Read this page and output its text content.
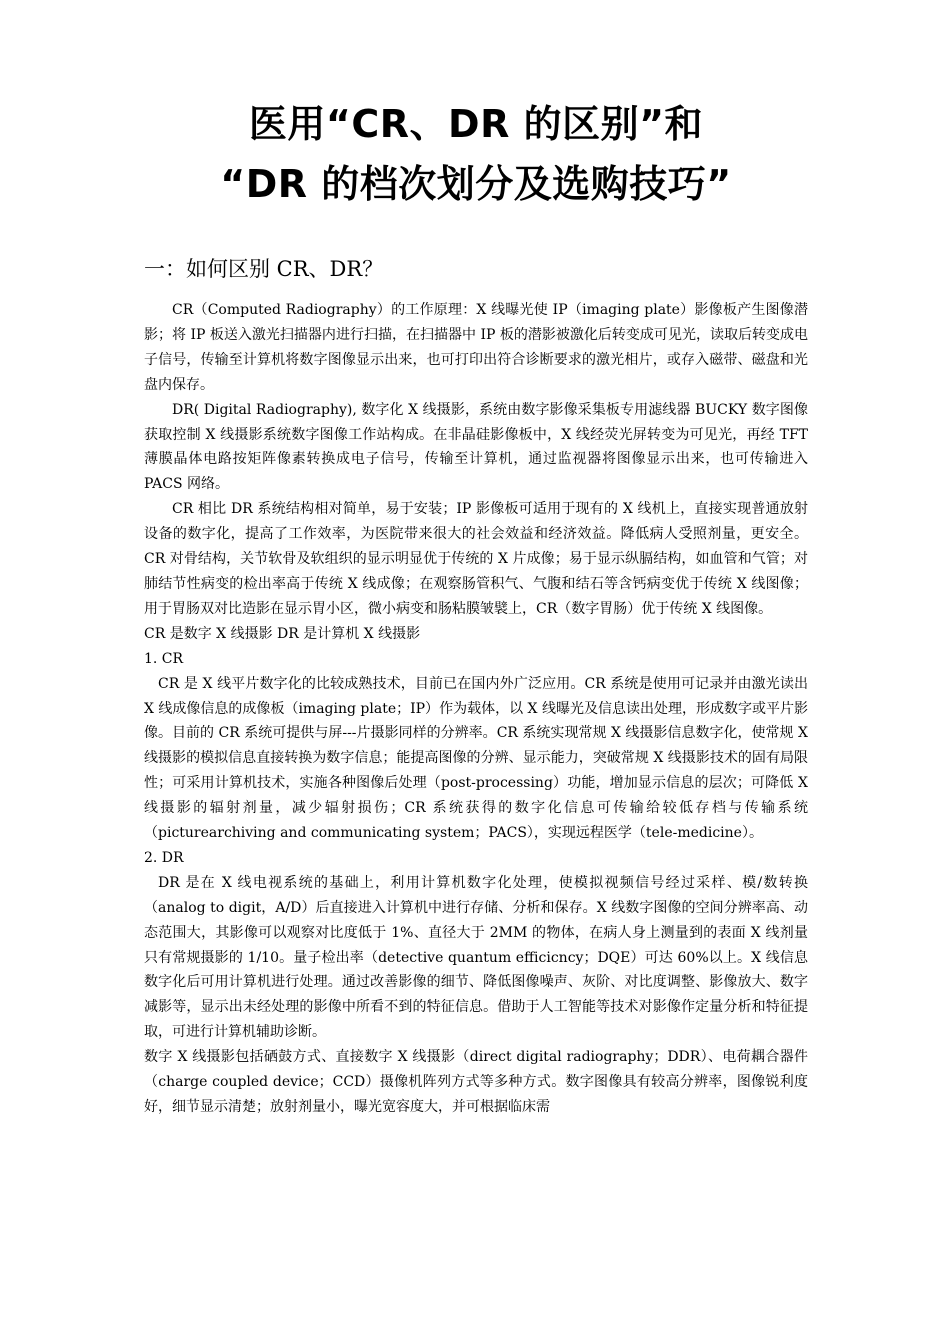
医用“CR、DR 的区别”和
“DR 的档次划分及选购技巧”
一：如何区别 CR、DR？

CR（Computed Radiography）的工作原理：X 线曝光使 IP（imaging plate）影像板产生图像潜影；将 IP 板送入激光扫描器内进行扫描，在扫描器中 IP 板的潜影被激化后转变成可见光，读取后转变成电子信号，传输至计算机将数字图像显示出来，也可打印出符合诊断要求的激光相片，或存入磁带、磁盘和光盘内保存。

DR( Digital Radiography), 数字化 X 线摄影，系统由数字影像采集板专用滤线器 BUCKY 数字图像获取控制 X 线摄影系统数字图像工作站构成。在非晶硅影像板中，X 线经荧光屏转变为可见光，再经 TFT 薄膜晶体电路按矩阵像素转换成电子信号，传输至计算机，通过监视器将图像显示出来，也可传输进入 PACS 网络。

CR 相比 DR 系统结构相对简单，易于安装；IP 影像板可适用于现有的 X 线机上，直接实现普通放射设备的数字化，提高了工作效率，为医院带来很大的社会效益和经济效益。降低病人受照剂量，更安全。CR 对骨结构，关节软骨及软组织的显示明显优于传统的 X 片成像；易于显示纵膈结构，如血管和气管；对肺结节性病变的检出率高于传统 X 线成像；在观察肠管积气、气腹和结石等含钙病变优于传统 X 线图像；用于胃肠双对比造影在显示胃小区，微小病变和肠粘膜皱襞上，CR（数字胃肠）优于传统 X 线图像。

CR 是数字 X 线摄影 DR 是计算机 X 线摄影

1. CR

CR 是 X 线平片数字化的比较成熟技术，目前已在国内外广泛应用。CR 系统是使用可记录并由激光读出 X 线成像信息的成像板（imaging plate；IP）作为载体，以 X 线曝光及信息读出处理，形成数字或平片影像。目前的 CR 系统可提供与屏---片摄影同样的分辨率。CR 系统实现常规 X 线摄影信息数字化，使常规 X 线摄影的模拟信息直接转换为数字信息；能提高图像的分辨、显示能力，突破常规 X 线摄影技术的固有局限性；可采用计算机技术，实施各种图像后处理（post-processing）功能，增加显示信息的层次；可降低 X 线摄影的辐射剂量，减少辐射损伤；CR 系统获得的数字化信息可传输给较低存档与传输系统（picturearchiving and communicating system；PACS），实现远程医学（tele-medicine）。

2. DR

DR 是在 X 线电视系统的基础上，利用计算机数字化处理，使模拟视频信号经过采样、模/数转换（analog to digit，A/D）后直接进入计算机中进行存储、分析和保存。X 线数字图像的空间分辨率高、动态范围大，其影像可以观察对比度低于 1%、直径大于 2MM 的物体，在病人身上测量到的表面 X 线剂量只有常规摄影的 1/10。量子检出率（detective quantum efficicncy；DQE）可达 60%以上。X 线信息数字化后可用计算机进行处理。通过改善影像的细节、降低图像噪声、灰阶、对比度调整、影像放大、数字减影等，显示出未经处理的影像中所看不到的特征信息。借助于人工智能等技术对影像作定量分析和特征提取，可进行计算机辅助诊断。

数字 X 线摄影包括硒鼓方式、直接数字 X 线摄影（direct digital radiography；DDR）、电荷耦合器件（charge coupled device；CCD）摄像机阵列方式等多种方式。数字图像具有较高分辨率，图像锐利度好，细节显示清楚；放射剂量小，曝光宽容度大，并可根据临床需
